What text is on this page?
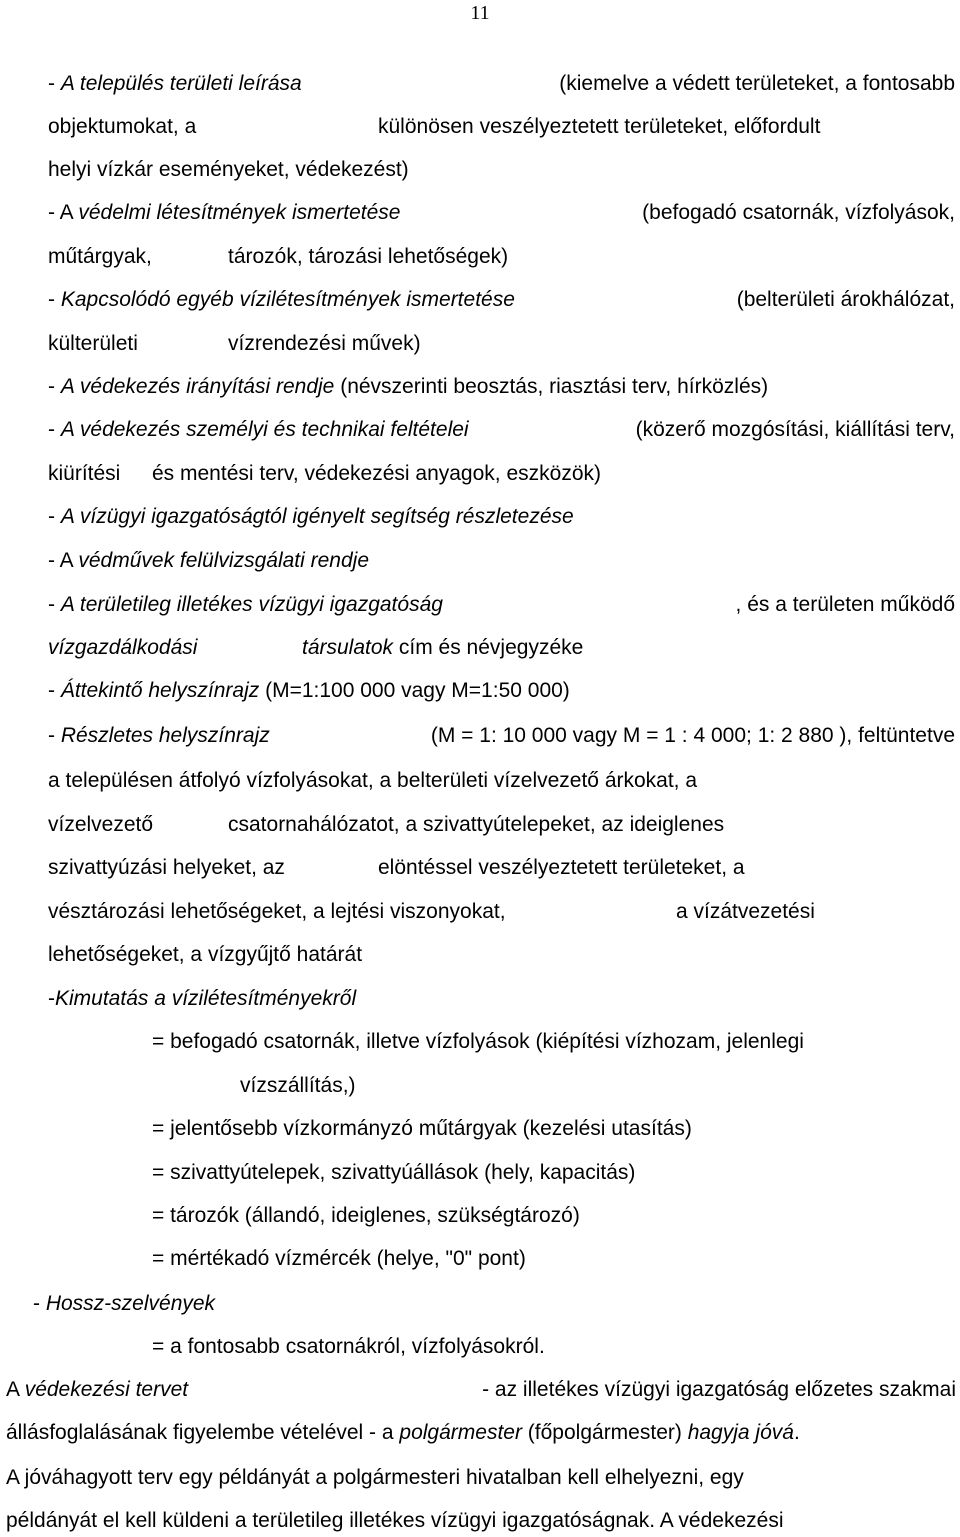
11
- A település területi leírása	(kiemelve a védett területeket, a fontosabb
objektumokat, a	különösen veszélyeztetett területeket, előfordult
helyi vízkár eseményeket, védekezést)
- A védelmi létesítmények ismertetése	(befogadó csatornák, vízfolyások,
műtárgyak,	tározók, tározási lehetőségek)
- Kapcsolódó egyéb vízilétesítmények ismertetése	(belterületi árokhálózat,
külterületi	vízrendezési művek)
- A védekezés irányítási rendje (névszerinti beosztás, riasztási terv, hírközlés)
- A védekezés személyi és technikai feltételei	(közerő mozgósítási, kiállítási terv,
kiürítési és mentési terv, védekezési anyagok, eszközök)
- A vízügyi igazgatóságtól igényelt segítség részletezése
- A védművek felülvizsgálati rendje
- A területileg illetékes vízügyi igazgatóság	, és a területen működő
vízgazdálkodási	társulatok cím és névjegyzéke
- Áttekintő helyszínrajz (M=1:100 000 vagy M=1:50 000)
- Részletes helyszínrajz	(M = 1: 10 000 vagy M = 1 : 4 000; 1: 2 880 ), feltüntetve
a településen átfolyó vízfolyásokat, a belterületi vízelvezető árkokat, a
vízelvezető	csatornahálózatot, a szivattyútelepeket, az ideiglenes
szivattyúzási helyeket, az	elöntéssel veszélyeztetett területeket, a
vésztározási lehetőségeket, a lejtési viszonyokat,	a vízátvezetési
lehetőségeket, a vízgyűjtő határát
-Kimutatás a vízilétesítményekről
= befogadó csatornák, illetve vízfolyások (kiépítési vízhozam, jelenlegi
vízszállítás,)
= jelentősebb vízkormányzó műtárgyak (kezelési utasítás)
= szivattyútelepek, szivattyúállások (hely, kapacitás)
= tározók (állandó, ideiglenes, szükségtározó)
= mértékadó vízmércék (helye, "0" pont)
- Hossz-szelvények
= a fontosabb csatornákról, vízfolyásokról.
A védekezési tervet	- az illetékes vízügyi igazgatóság előzetes szakmai
állásfoglalásának figyelembe vételével - a polgármester (főpolgármester) hagyja jóvá.
A jóváhagyott terv egy példányát a polgármesteri hivatalban kell elhelyezni, egy
példányát el kell küldeni a területileg illetékes vízügyi igazgatóságnak. A védekezési
